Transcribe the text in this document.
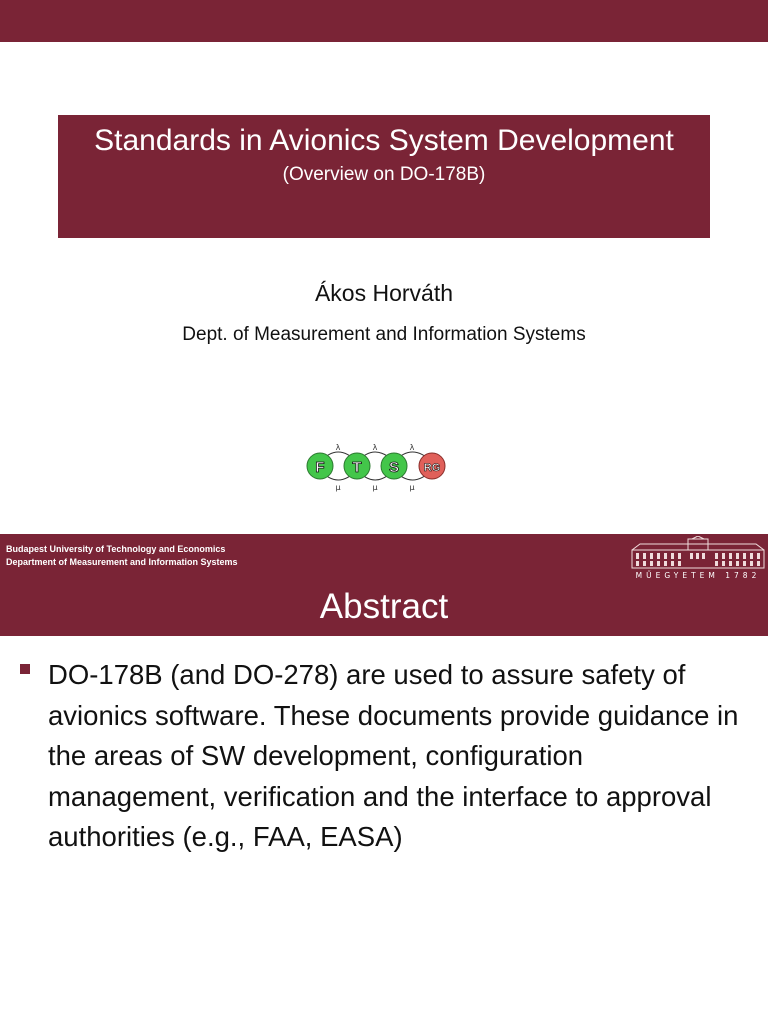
Standards in Avionics System Development
(Overview on DO-178B)
Ákos Horváth
Dept. of Measurement and Information Systems
F T S RG
λ	λ	λ
μ	μ	μ
Budapest University of Technology and Economics
Department of Measurement and Information Systems
MŰEGYETEM 1782
Abstract
DO-178B (and DO-278) are used to assure safety of avionics software. These documents provide guidance in the areas of SW development, configuration management, verification and the interface to approval authorities (e.g., FAA, EASA)
